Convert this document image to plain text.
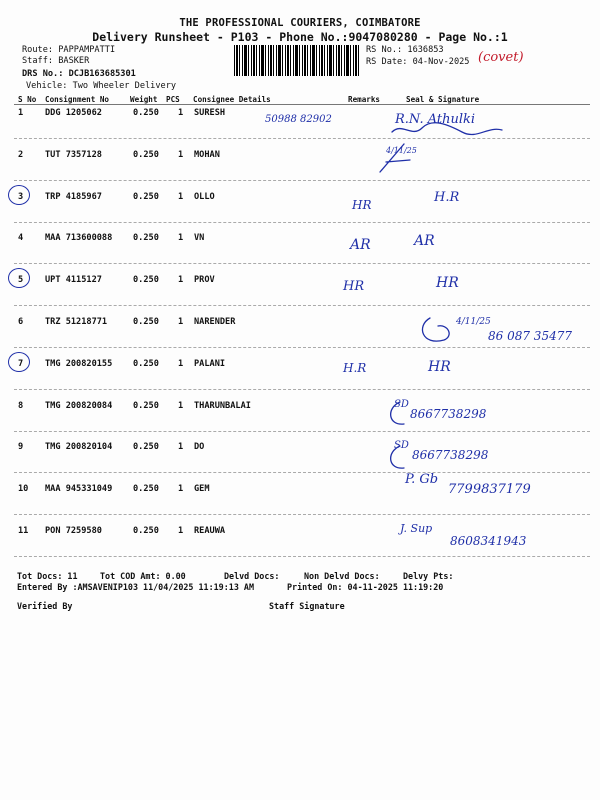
THE PROFESSIONAL COURIERS, COIMBATORE
Delivery Runsheet - P103 - Phone No.:9047080280 - Page No.:1
Route: PAPPAMPATTI
Staff: BASKER
DRS No.: DCJB163685301
Vehicle: Two Wheeler Delivery
RS No.: 1636853
RS Date: 04-Nov-2025 (covet)
S No Consignment No	Weight PCS Consignee Details	Remarks	Seal & Signature
1	DDG 1205062	0.250 1 SURESH
50988 82902	R.N. Athulki
2	TUT 7357128	0.250 1 MOHAN	4/11/25
3	TRP 4185967	0.250 1 OLLO
HR	H.R
4	MAA 713600088 0.250 1 VN	AR	AR
5	UPT 4115127	0.250 1 PROV	HR	HR
6	TRZ 51218771	0.250 1 NARENDER	4/11/25
86 087 35477
7	TMG 200820155 0.250 1 PALANI	H.R	HR
8	TMG 200820084 0.250 1 THARUNBALAI	SD
8667738298
9	TMG 200820104 0.250 1 DO	SD
8667738298
10 MAA 945331049 0.250 1 GEM
P. Gb
7799837179
11 PON 7259580	0.250 1 REAUWA	J. Sup
8608341943
Tot Docs: 11	Tot COD Amt: 0.00	Delvd Docs:	Non Delvd Docs:	Delvy Pts:
Entered By :AMSAVENIP103 11/04/2025 11:19:13 AM	Printed On: 04-11-2025 11:19:20
Verified By	Staff Signature
